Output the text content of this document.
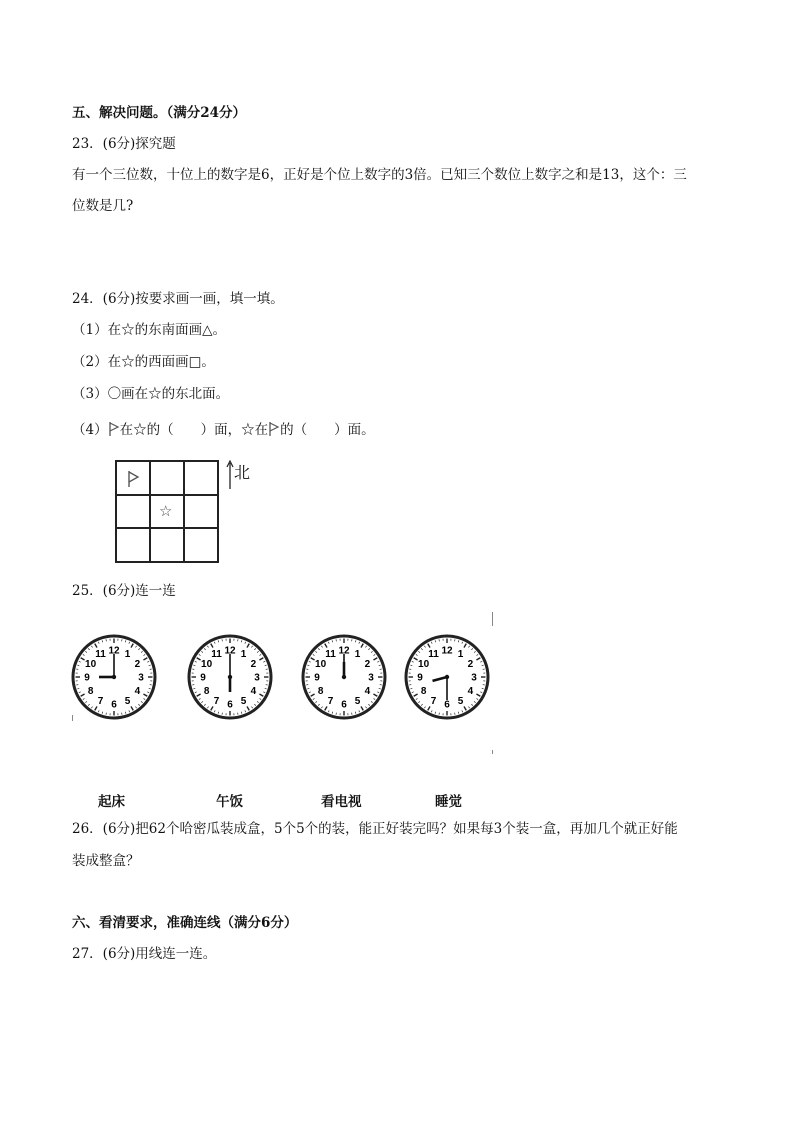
五、解决问题。（满分24分）
23．(6分)探究题
有一个三位数，十位上的数字是6，正好是个位上数字的3倍。已知三个数位上数字之和是13，这个：三
位数是几?
24．(6分)按要求画一画，填一填。
（1）在☆的东南面画△。
（2）在☆的西面画□。
（3）〇画在☆的东北面。
（4） 在☆的（　　）面，☆在 的（　　）面。
☆
北
25．(6分)连一连
1
2
3
4
5
6
7
8
9
10
11 12	1
2
3
4
5
6
7
8
9
10
11 12	1
2
3
4
5
6
7
8
9
10
11 12	1
2
3
4
5
6
7
8
9
10
11 12
起床	午饭	看电视	睡觉
26．(6分)把62个哈密瓜装成盒，5个5个的装，能正好装完吗？如果每3个装一盒，再加几个就正好能
装成整盒？
六、看清要求，准确连线（满分6分）
27．(6分)用线连一连。
